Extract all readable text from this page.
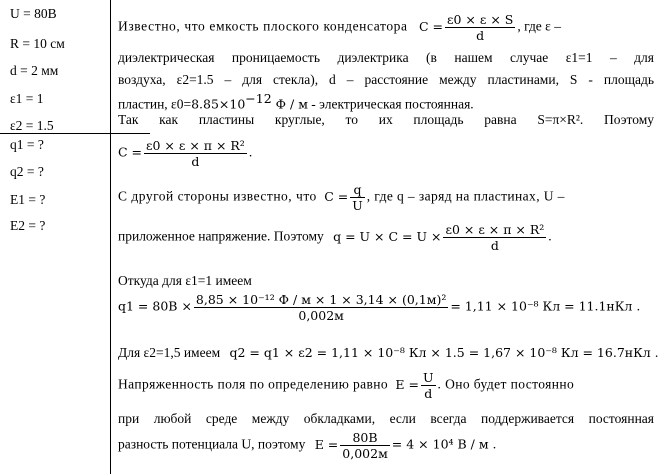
U = 80В
R = 10 см
d = 2 мм
ε1 = 1
ε2 = 1.5
q1 = ?
q2 = ?
E1 = ?
E2 = ?
Известно, что емкость плоского конденсатора $C = \frac{\varepsilon 0 \times \varepsilon \times S}{d}$ , где ε –
диэлектрическая проницаемость диэлектрика (в нашем случае ε1=1 – для
воздуха, ε2=1.5 – для стекла), d – расстояние между пластинами, S - площадь
пластин, $\varepsilon 0=8.85\times 10^{-12}$ Ф / м - электрическая постоянная.
Так как пластины круглые, то их площадь равна S=π×R². Поэтому
$C = \frac{\text{ε0 × ε × π × R²}}{d}$ .
С другой стороны известно, что $C = \frac{q}{U}$ , где q – заряд на пластинах, U –
приложенное напряжение. Поэтому $q = U \times C = U \times \frac{\text{ε0 × ε × π × R²}}{d}$ .
Откуда для ε1=1 имеем
$q1 = 80В \times \frac{\text{8,85 × 10⁻¹² Ф / м × 1 × 3,14 × (0,1м)²}}{0,002м} = 1,11 \times 10^{-8}$ Кл = 11.1нКл .
Для ε2=1,5 имеем q2 = q1 × ε2 = 1,11 × 10⁻⁸ Кл × 1.5 = 1,67 × 10⁻⁸ Кл = 16.7нКл .
Напряженность поля по определению равно $E = \frac{U}{d}$ . Оно будет постоянно
при любой среде между обкладками, если всегда поддерживается постоянная
разность потенциала U, поэтому $E = \frac{80В}{0,002м} = 4 \times 10^4$ В / м .
